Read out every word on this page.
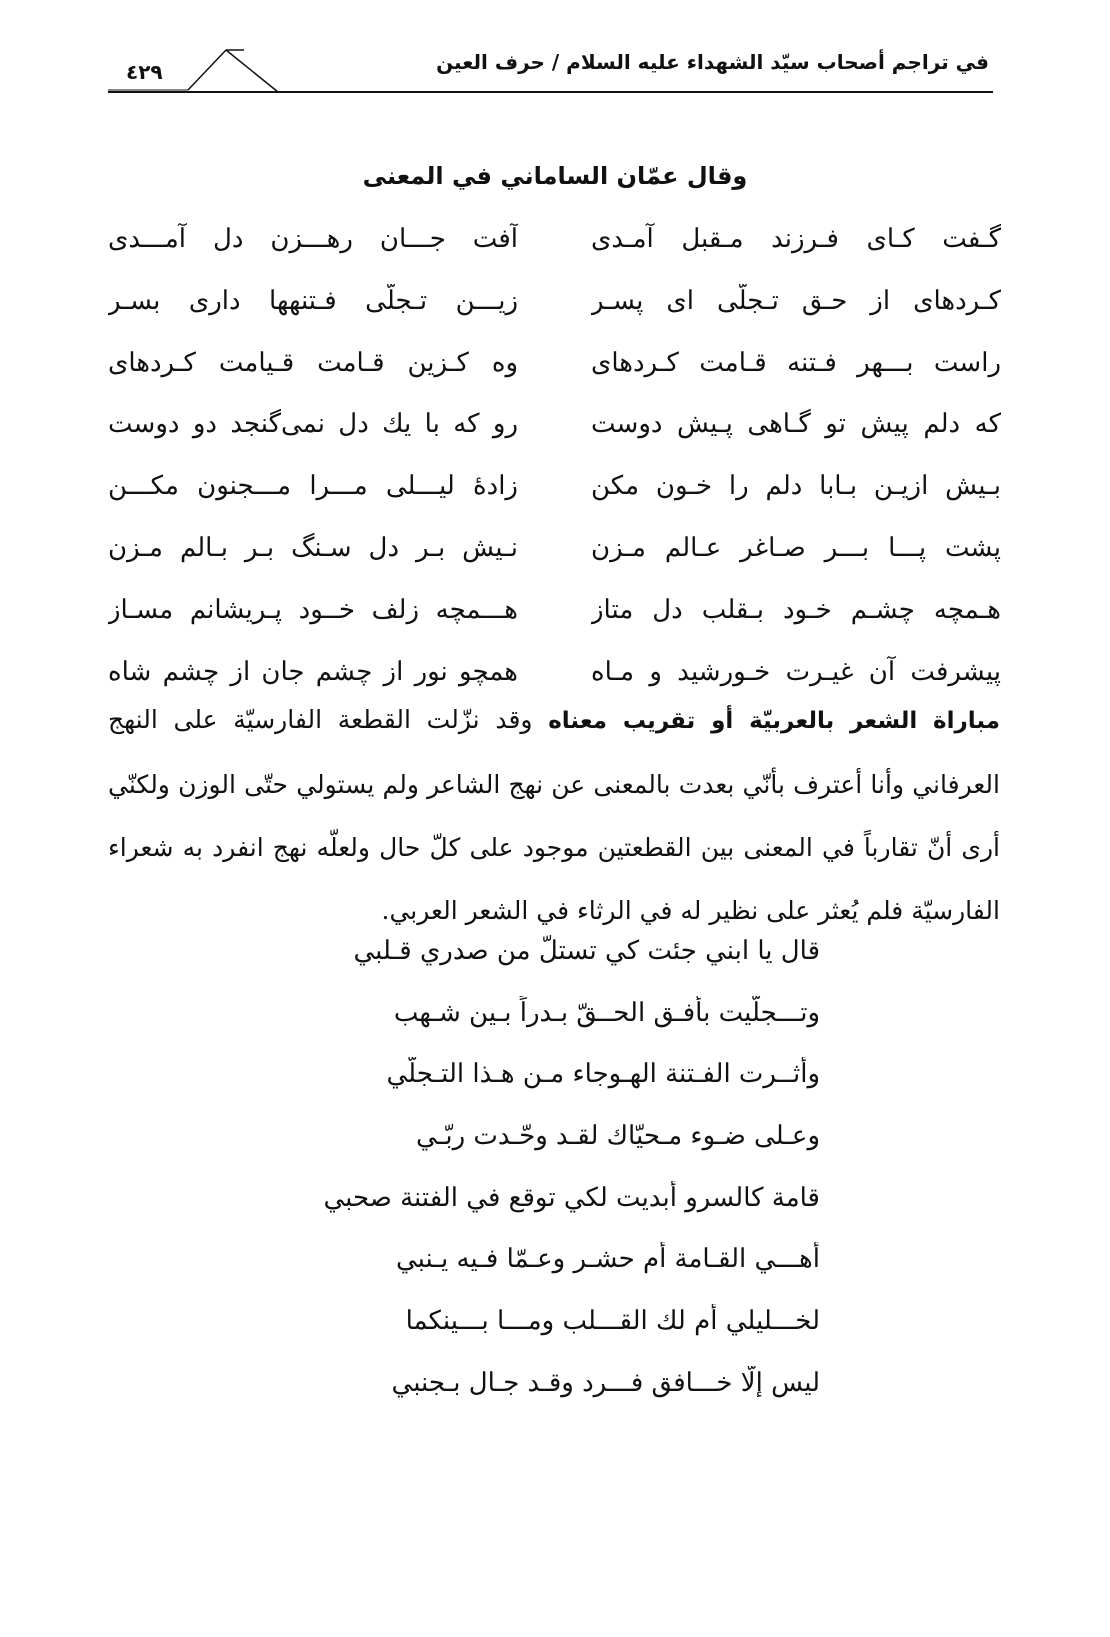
في تراجم أصحاب سيّد الشهداء عليه السلام / حرف العين
٤٢٩
وقال عمّان الساماني في المعنى
گـفت كـاى فـرزند مـقبل آمـدى
آفت جـــان رهـــزن دل آمـــدى
كـردهاى از حـق تـجلّى اى پسـر
زيـــن تـجلّى فـتنهها دارى بسـر
راست بـــهر فـتنه قـامت كـردهاى
وه كـزين قـامت قـيامت كـردهاى
كه دلم پيش تو گـاهى پـيش دوست
رو كه با يك دل نمى‌گنجد دو دوست
بـيش ازيـن بـابا دلم را خـون مكن
زادهٔ ليـــلى مـــرا مـــجنون مكـــن
پشت پـــا بـــر صـاغر عـالم مـزن
نـيش بـر دل سـنگ بـر بـالم مـزن
هـمچه چشـم خـود بـقلب دل متاز
هـــمچه زلف خــود پـريشانم مسـاز
پيشرفت آن غيـرت خـورشيد و مـاه
همچو نور از چشم جان از چشم شاه
مباراة الشعر بالعربيّة أو تقريب معناه وقد نزّلت القطعة الفارسيّة على النهج العرفاني وأنا أعترف بأنّي بعدت بالمعنى عن نهج الشاعر ولم يستولي حتّى الوزن ولكنّي أرى أنّ تقارباً في المعنى بين القطعتين موجود على كلّ حال ولعلّه نهج انفرد به شعراء الفارسيّة فلم يُعثر على نظير له في الرثاء في الشعر العربي.
قال يا ابني جئت كي تستلّ من صدري قـلبي
وتـــجلّيت بأُفـق الحــقّ بـدراً بـين شـهب
وأثــرت الفـتنة الهـوجاء مـن هـذا التـجلّي
وعـلى ضـوء مـحيّاك لقـد وحّـدت ربّـي
قامة كالسرو أبديت لكي توقع في الفتنة صحبي
أهـــي القـامة أم حشـر وعـمّا فـيه يـنبي
لخـــليلي أم لك القـــلب ومـــا بـــينكما
ليس إلّا خـــافق فـــرد وقـد جـال بـجنبي
